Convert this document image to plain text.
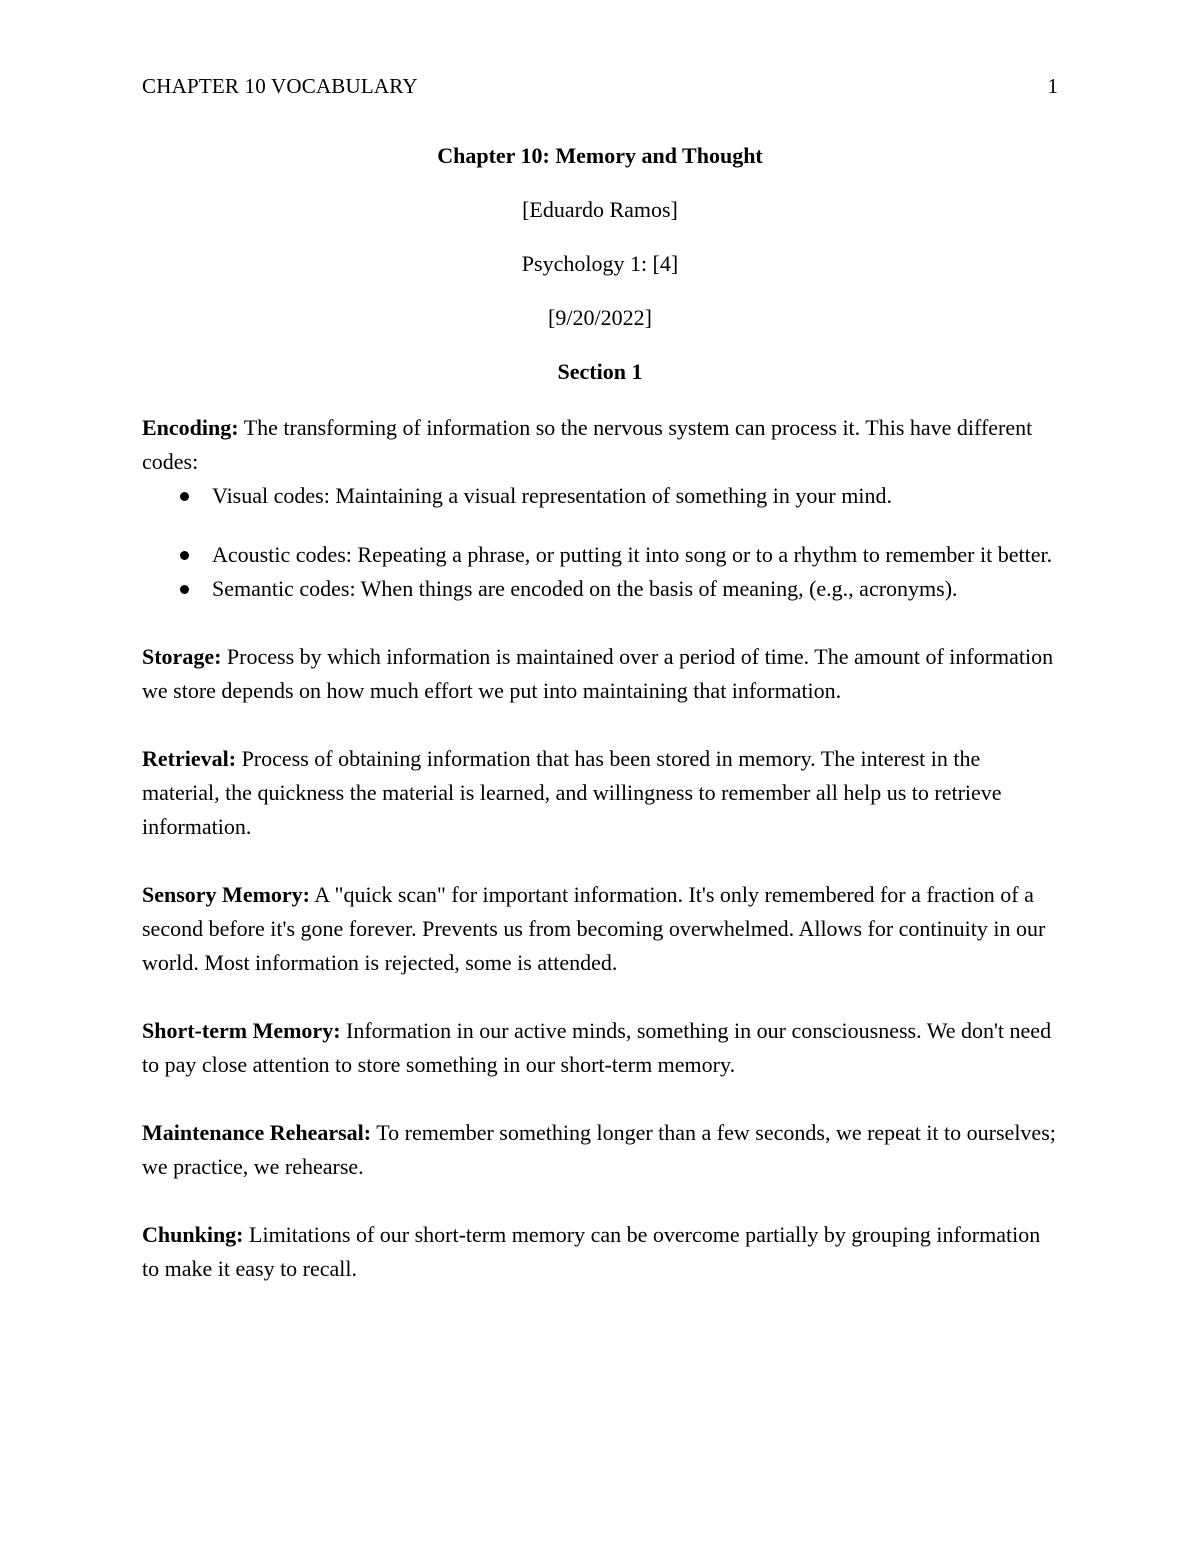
CHAPTER 10 VOCABULARY	1
Chapter 10: Memory and Thought
[Eduardo Ramos]
Psychology 1: [4]
[9/20/2022]
Section 1
Encoding: The transforming of information so the nervous system can process it. This have different codes:
Visual codes: Maintaining a visual representation of something in your mind.
Acoustic codes: Repeating a phrase, or putting it into song or to a rhythm to remember it better.
Semantic codes: When things are encoded on the basis of meaning, (e.g., acronyms).
Storage: Process by which information is maintained over a period of time. The amount of information we store depends on how much effort we put into maintaining that information.
Retrieval: Process of obtaining information that has been stored in memory. The interest in the material, the quickness the material is learned, and willingness to remember all help us to retrieve information.
Sensory Memory: A "quick scan" for important information. It's only remembered for a fraction of a second before it's gone forever. Prevents us from becoming overwhelmed. Allows for continuity in our world. Most information is rejected, some is attended.
Short-term Memory: Information in our active minds, something in our consciousness. We don't need to pay close attention to store something in our short-term memory.
Maintenance Rehearsal: To remember something longer than a few seconds, we repeat it to ourselves; we practice, we rehearse.
Chunking: Limitations of our short-term memory can be overcome partially by grouping information to make it easy to recall.
